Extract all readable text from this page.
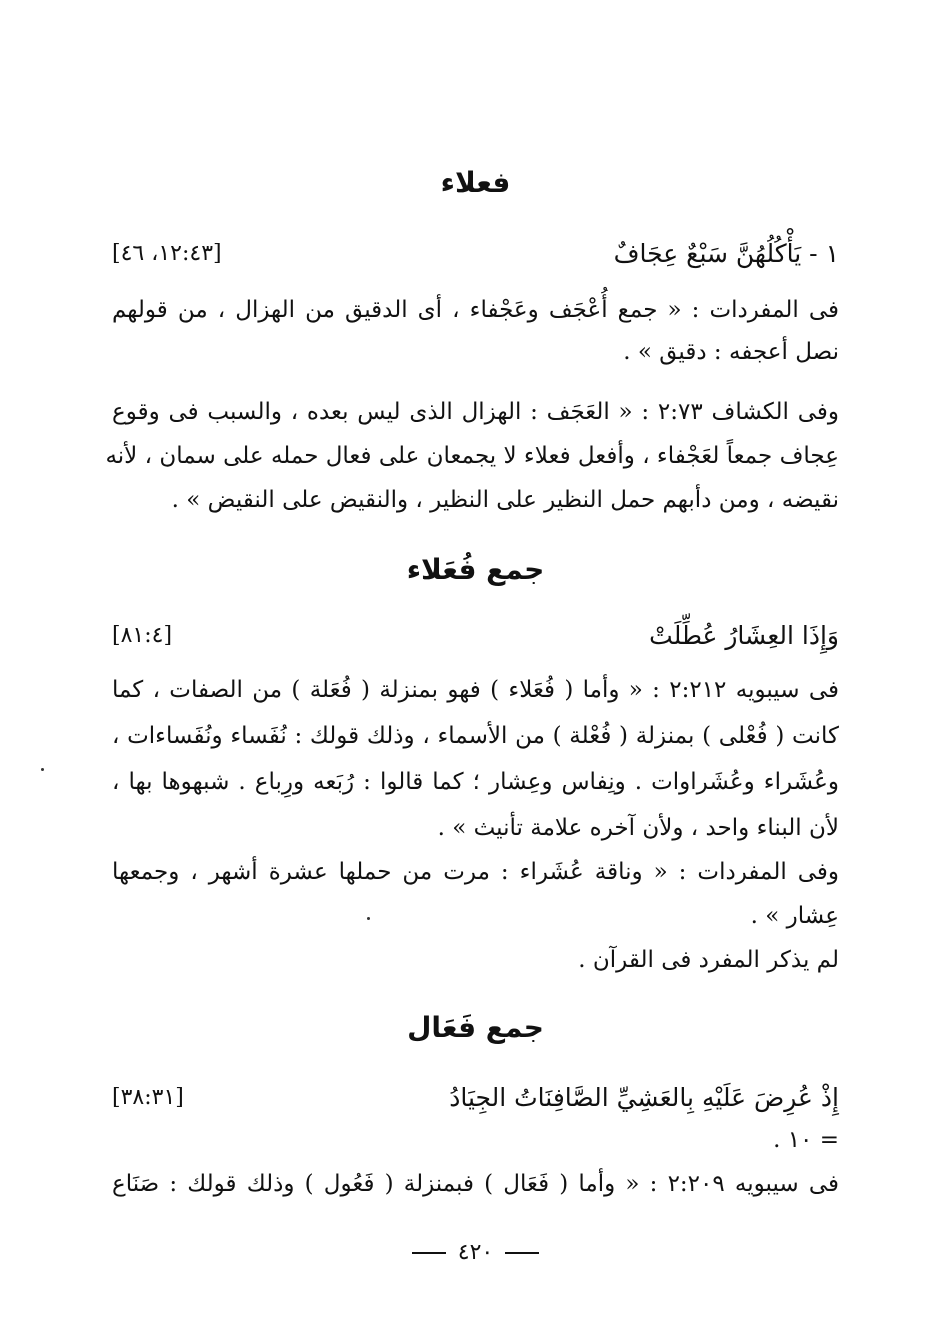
فعلاء
١ - يَأْكُلُهُنَّ سَبْعٌ عِجَافٌ
[١٢:٤٣، ٤٦]

فى المفردات : « جمع أُعْجَف وعَجْفاء ، أى الدقيق من الهزال ، من قولهم

نصل أعجفه : دقيق » .

وفى الكشاف ٢:٧٣ : « العَجَف : الهزال الذى ليس بعده ، والسبب فى وقوع

عِجاف جمعاً لعَجْفاء ، وأفعل فعلاء لا يجمعان على فعال حمله على سمان ، لأنه

نقيضه ، ومن دأبهم حمل النظير على النظير ، والنقيض على النقيض » .

جمع فُعَلاء
وَإِذَا العِشَارُ عُطِّلَتْ
[٨١:٤]

فى سيبويه ٢:٢١٢ : « وأما ( فُعَلاء ) فهو بمنزلة ( فُعَلة ) من الصفات ، كما

كانت ( فُعْلى ) بمنزلة ( فُعْلة ) من الأسماء ، وذلك قولك : نُفَساء ونُفَساءات ،

وعُشَراء وعُشَراوات . ونِفاس وعِشار ؛ كما قالوا : رُبَعه ورِباع . شبهوها بها ،

لأن البناء واحد ، ولأن آخره علامة تأنيث » .

وفى المفردات : « وناقة عُشَراء : مرت من حملها عشرة أشهر ، وجمعها

عِشار » .

لم يذكر المفرد فى القرآن .

جمع فَعَال
إِذْ عُرِضَ عَلَيْهِ بِالعَشِيِّ الصَّافِنَاتُ الجِيَادُ
[٣٨:٣١]

= ١٠ .

فى سيبويه ٢:٢٠٩ : « وأما ( فَعَال ) فبمنزلة ( فَعُول ) وذلك قولك : صَنَاع

٤٢٠
